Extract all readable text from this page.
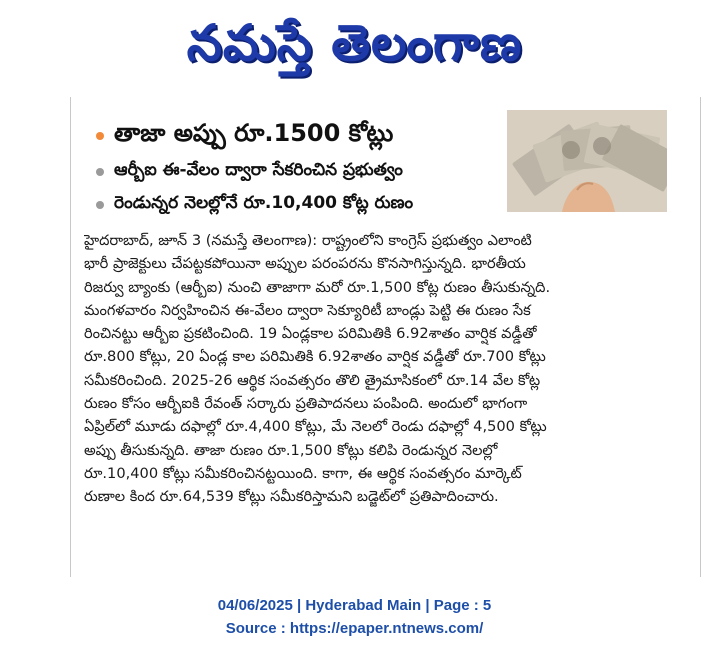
నమస్తే తెలంగాణ
తాజా అప్పు రూ.1500 కోట్లు
ఆర్బీఐ ఈ-వేలం ద్వారా సేకరించిన ప్రభుత్వం
రెండున్నర నెలల్లోనే రూ.10,400 కోట్ల రుణం
హైదరాబాద్, జూన్ 3 (నమస్తే తెలంగాణ): రాష్ట్రంలోని కాంగ్రెస్ ప్రభుత్వం ఎలాంటి
భారీ ప్రాజెక్టులు చేపట్టకపోయినా అప్పుల పరంపరను కొనసాగిస్తున్నది. భారతీయ
రిజర్వు బ్యాంకు (ఆర్బీఐ) నుంచి తాజాగా మరో రూ.1,500 కోట్ల రుణం తీసుకున్నది.
మంగళవారం నిర్వహించిన ఈ-వేలం ద్వారా సెక్యూరిటీ బాండ్లు పెట్టి ఈ రుణం సేక
రించినట్టు ఆర్బీఐ ప్రకటించింది. 19 ఏండ్లకాల పరిమితికి 6.92శాతం వార్షిక వడ్డీతో
రూ.800 కోట్లు, 20 ఏండ్ల కాల పరిమితికి 6.92శాతం వార్షిక వడ్డీతో రూ.700 కోట్లు
సమీకరించింది. 2025-26 ఆర్థిక సంవత్సరం తొలి త్రైమాసికంలో రూ.14 వేల కోట్ల
రుణం కోసం ఆర్బీఐకి రేవంత్ సర్కారు ప్రతిపాదనలు పంపింది. అందులో భాగంగా
ఏప్రిల్‌లో మూడు దఫాల్లో రూ.4,400 కోట్లు, మే నెలలో రెండు దఫాల్లో 4,500 కోట్లు
అప్పు తీసుకున్నది. తాజా రుణం రూ.1,500 కోట్లు కలిపి రెండున్నర నెలల్లో
రూ.10,400 కోట్లు సమీకరించినట్టయింది. కాగా, ఈ ఆర్థిక సంవత్సరం మార్కెట్
రుణాల కింద రూ.64,539 కోట్లు సమీకరిస్తామని బడ్జెట్‌లో ప్రతిపాదించారు.
04/06/2025 | Hyderabad Main | Page : 5
Source : https://epaper.ntnews.com/
